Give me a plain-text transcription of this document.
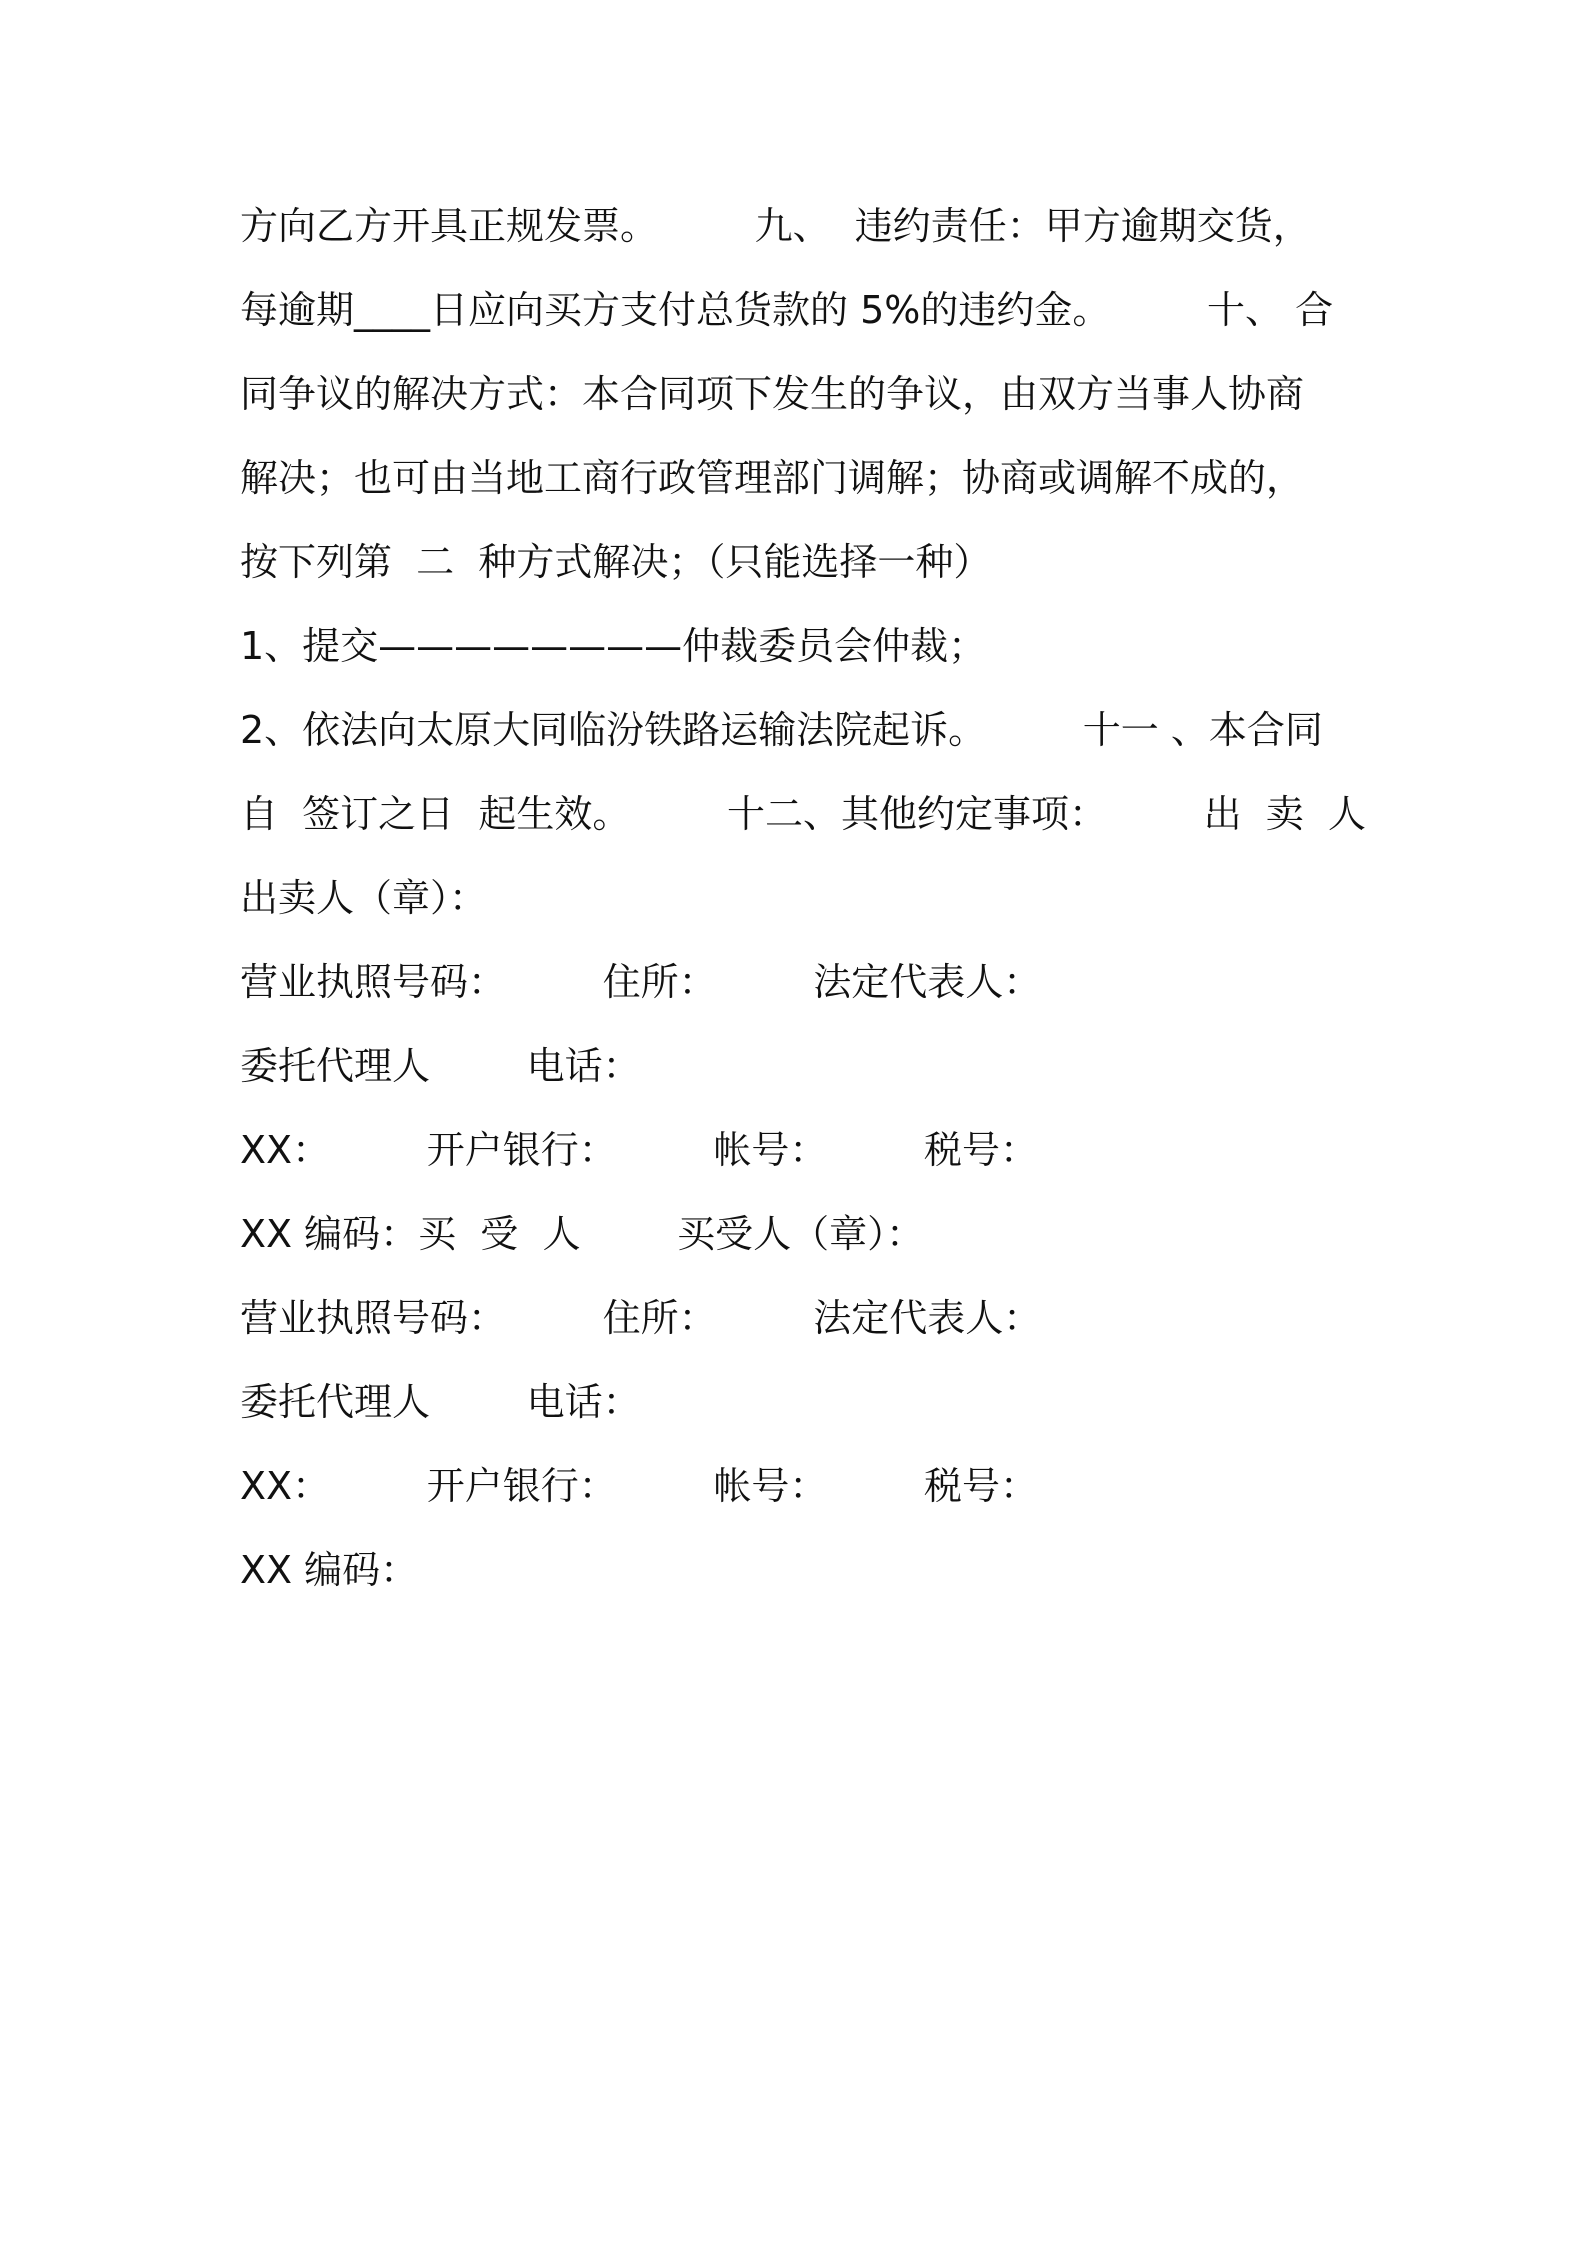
方向乙方开具正规发票。        九、  违约责任：甲方逾期交货，
每逾期____日应向买方支付总货款的 5%的违约金。        十、 合
同争议的解决方式：本合同项下发生的争议，由双方当事人协商
解决；也可由当地工商行政管理部门调解；协商或调解不成的，
按下列第  二  种方式解决；（只能选择一种）
1、提交————————仲裁委员会仲裁；
2、依法向太原大同临汾铁路运输法院起诉。        十一 、本合同
自  签订之日  起生效。        十二、其他约定事项：        出  卖  人
出卖人（章）：
营业执照号码：        住所：        法定代表人：
委托代理人        电话：
XX：        开户银行：        帐号：        税号：
XX 编码：买  受  人        买受人（章）：
营业执照号码：        住所：        法定代表人：
委托代理人        电话：
XX：        开户银行：        帐号：        税号：
XX 编码：
